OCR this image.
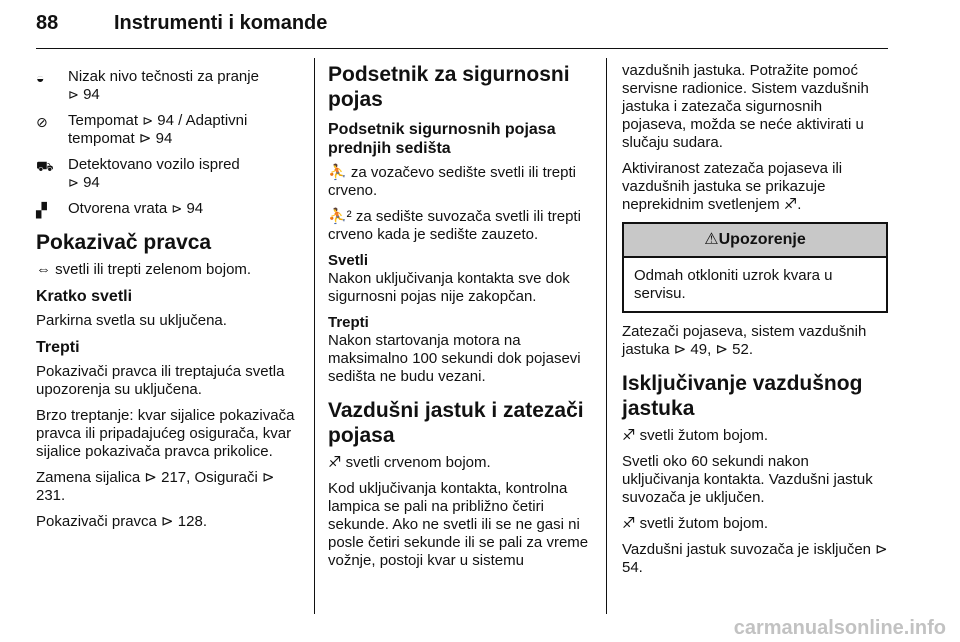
88	Instrumenti i komande
◒	Nizak nivo tečnosti za pranje
⊳ 94
⊘	Tempomat ⊳ 94 / Adaptivni tempomat ⊳ 94
⛟ Detektovano vozilo ispred
⊳ 94
▞	Otvorena vrata ⊳ 94
Pokazivač pravca

⇔ svetli ili trepti zelenom bojom.

Kratko svetli

Parkirna svetla su uključena.

Trepti

Pokazivači pravca ili treptajuća svetla upozorenja su uključena.

Brzo treptanje: kvar sijalice pokazivača pravca ili pripadajućeg osigurača, kvar sijalice pokazivača pravca prikolice.

Zamena sijalica ⊳ 217, Osigurači ⊳ 231.

Pokazivači pravca ⊳ 128.

Podsetnik za sigurnosni pojas
Podsetnik sigurnosnih pojasa prednjih sedišta

⛹ za vozačevo sedište svetli ili trepti crveno.

⛹² za sedište suvozača svetli ili trepti crveno kada je sedište zauzeto.

Svetli
Nakon uključivanja kontakta sve dok sigurnosni pojas nije zakopčan.

Trepti
Nakon startovanja motora na maksimalno 100 sekundi dok pojasevi sedišta ne budu vezani.

Vazdušni jastuk i zatezači pojasa

♐ svetli crvenom bojom.

Kod uključivanja kontakta, kontrolna lampica se pali na približno četiri sekunde. Ako ne svetli ili se ne gasi ni posle četiri sekunde ili se pali za vreme vožnje, postoji kvar u sistemu

vazdušnih jastuka. Potražite pomoć servisne radionice. Sistem vazdušnih jastuka i zatezača sigurnosnih pojaseva, možda se neće aktivirati u slučaju sudara.

Aktiviranost zatezača pojaseva ili vazdušnih jastuka se prikazuje neprekidnim svetlenjem ♐.

⚠Upozorenje
Odmah otkloniti uzrok kvara u servisu.

Zatezači pojaseva, sistem vazdušnih jastuka ⊳ 49, ⊳ 52.

Isključivanje vazdušnog jastuka

♐ svetli žutom bojom.

Svetli oko 60 sekundi nakon uključivanja kontakta. Vazdušni jastuk suvozača je uključen.

♐ svetli žutom bojom.

Vazdušni jastuk suvozača je isključen ⊳ 54.

carmanualsonline.info
